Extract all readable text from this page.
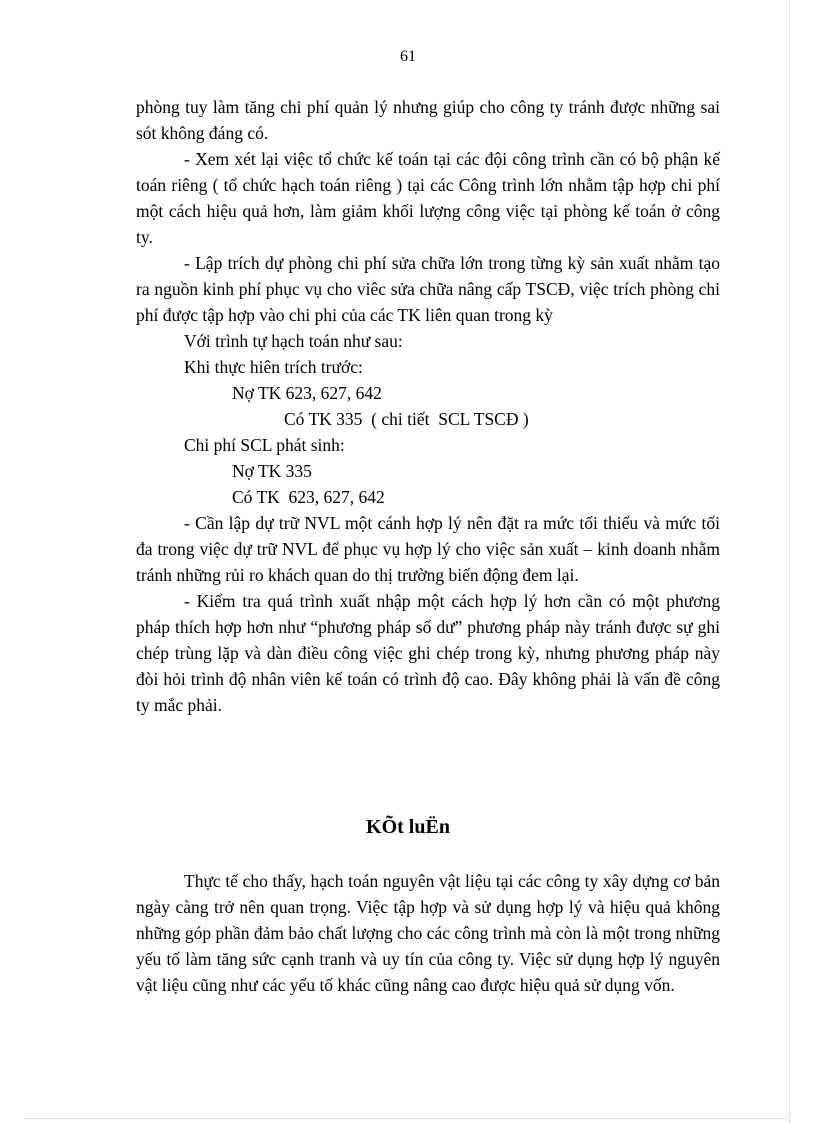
61

phòng tuy làm tăng chi phí quản lý nhưng giúp cho công ty tránh được những sai sót không đáng có.

- Xem xét lại việc tổ chức kế toán tại các đội công trình cần có bộ phận kế toán riêng ( tổ chức hạch toán riêng ) tại các Công trình lớn nhằm tập hợp chi phí một cách hiệu quả hơn, làm giảm khối lượng công việc tại phòng kế toán ở công ty.

- Lập trích dự phòng chi phí sửa chữa lớn trong từng kỳ sản xuất nhằm tạo ra nguồn kinh phí phục vụ cho viêc sửa chữa nâng cấp TSCĐ, việc trích phòng chi phí được tập hợp vào chi phi của các TK liên quan trong kỳ

Với trình tự hạch toán như sau:

Khi thực hiên trích trước:

Nợ TK 623, 627, 642

Có TK 335  ( chi tiết  SCL TSCĐ )

Chi phí SCL phát sinh:

Nợ TK 335

Có TK  623, 627, 642

- Cần lập dự trữ NVL một cánh hợp lý nên đặt ra mức tối thiểu và mức tối đa trong việc dự trữ NVL để phục vụ hợp lý cho việc sản xuất – kinh doanh nhằm tránh những rủi ro khách quan do thị trường biến động đem lại.

- Kiểm tra quá trình xuất nhập một cách hợp lý hơn cần có một phương pháp thích hợp hơn như “phương pháp số dư” phương pháp này tránh được sự ghi chép trùng lặp và dàn điều công việc ghi chép trong kỳ, nhưng phương pháp này đòi hỏi trình độ nhân viên kế toán có trình độ cao. Đây không phải là vấn đề công ty mắc phải.

KÕt luËn

Thực tế cho thấy, hạch toán nguyên vật liệu tại các công ty xây dựng cơ bản ngày càng trở nên quan trọng. Việc tập hợp và sử dụng hợp lý và hiệu quả không những góp phần đảm bảo chất lượng cho các công trình mà còn là một trong những yếu tố làm tăng sức cạnh tranh và uy tín của công ty. Việc sử dụng hợp lý nguyên vật liệu cũng như các yếu tố khác cũng nâng cao được hiệu quả sử dụng vốn.
